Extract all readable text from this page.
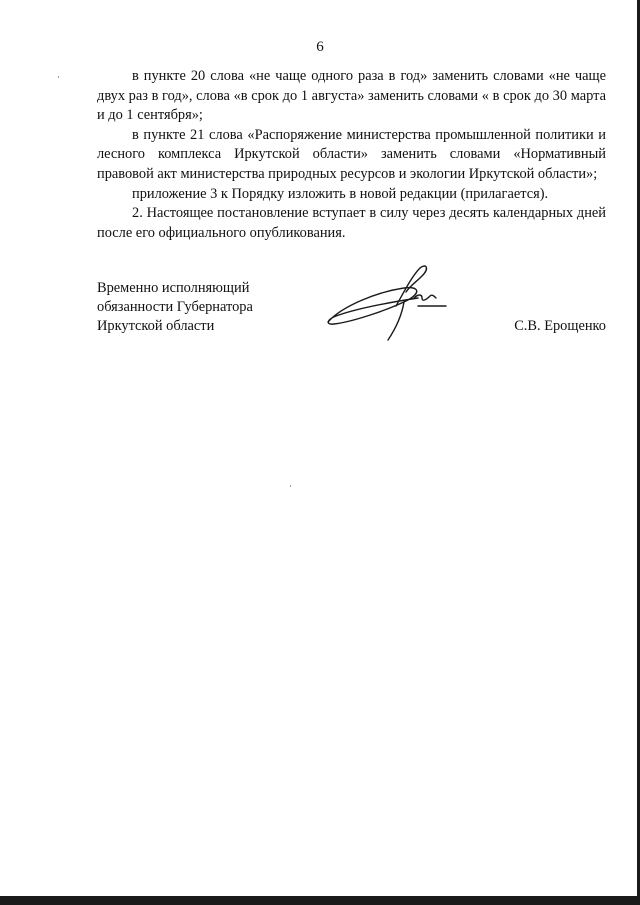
6

в пункте 20 слова «не чаще одного раза в год» заменить словами «не чаще двух раз в год», слова «в срок до 1 августа» заменить словами « в срок до 30 марта и до 1 сентября»;

в пункте 21 слова «Распоряжение министерства промышленной политики и лесного комплекса Иркутской области» заменить словами «Нормативный правовой акт министерства природных ресурсов и экологии Иркутской области»;

приложение 3 к Порядку изложить в новой редакции (прилагается).

2. Настоящее постановление вступает в силу через десять календарных дней после его официального опубликования.

Временно исполняющий
обязанности Губернатора
Иркутской области	С.В. Ерощенко
